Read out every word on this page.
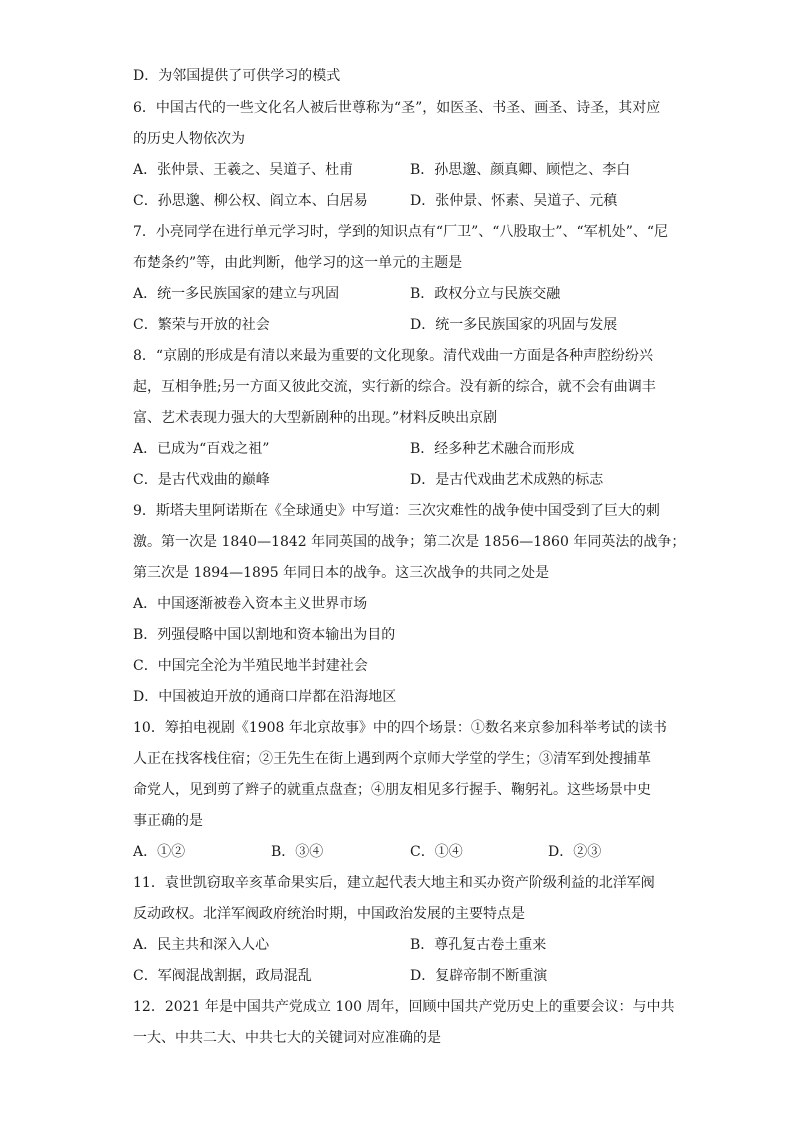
D．为邻国提供了可供学习的模式
6．中国古代的一些文化名人被后世尊称为“圣”，如医圣、书圣、画圣、诗圣，其对应
的历史人物依次为
A．张仲景、王羲之、吴道子、杜甫	B．孙思邈、颜真卿、顾恺之、李白
C．孙思邈、柳公权、阎立本、白居易	D．张仲景、怀素、吴道子、元稹
7．小亮同学在进行单元学习时，学到的知识点有“厂卫”、“八股取士”、“军机处”、“尼
布楚条约”等，由此判断，他学习的这一单元的主题是
A．统一多民族国家的建立与巩固	B．政权分立与民族交融
C．繁荣与开放的社会	D．统一多民族国家的巩固与发展
8．“京剧的形成是有清以来最为重要的文化现象。清代戏曲一方面是各种声腔纷纷兴
起，互相争胜;另一方面又彼此交流，实行新的综合。没有新的综合，就不会有曲调丰
富、艺术表现力强大的大型新剧种的出现。”材料反映出京剧
A．已成为“百戏之祖”	B．经多种艺术融合而形成
C．是古代戏曲的巅峰	D．是古代戏曲艺术成熟的标志
9．斯塔夫里阿诺斯在《全球通史》中写道：三次灾难性的战争使中国受到了巨大的刺
激。第一次是 1840—1842 年同英国的战争；第二次是 1856—1860 年同英法的战争；
第三次是 1894—1895 年同日本的战争。这三次战争的共同之处是
A．中国逐渐被卷入资本主义世界市场
B．列强侵略中国以割地和资本输出为目的
C．中国完全沦为半殖民地半封建社会
D．中国被迫开放的通商口岸都在沿海地区
10．筹拍电视剧《1908 年北京故事》中的四个场景：①数名来京参加科举考试的读书
人正在找客栈住宿；②王先生在街上遇到两个京师大学堂的学生；③清军到处搜捕革
命党人，见到剪了辫子的就重点盘查；④朋友相见多行握手、鞠躬礼。这些场景中史
事正确的是
A．①②	B．③④	C．①④	D．②③
11．袁世凯窃取辛亥革命果实后，建立起代表大地主和买办资产阶级利益的北洋军阀
反动政权。北洋军阀政府统治时期，中国政治发展的主要特点是
A．民主共和深入人心	B．尊孔复古卷土重来
C．军阀混战割据，政局混乱	D．复辟帝制不断重演
12．2021 年是中国共产党成立 100 周年，回顾中国共产党历史上的重要会议：与中共
一大、中共二大、中共七大的关键词对应准确的是
